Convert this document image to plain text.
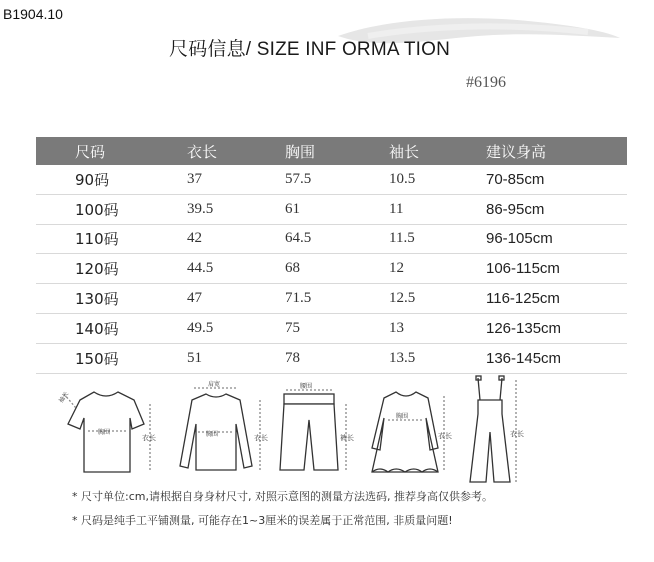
B1904.10
尺码信息/ SIZE INF ORMA TION
#6196
尺码	衣长	胸围	袖长	建议身高
90码	37	57.5	10.5	70-85cm
100码	39.5	61	11	86-95cm
110码	42	64.5	11.5	96-105cm
120码	44.5	68	12	106-115cm
130码	47	71.5	12.5	116-125cm
140码	49.5	75	13	126-135cm
150码	51	78	13.5	136-145cm
胸围
袖长
衣长
肩宽
胸围	衣长
腰围
裤长
胸围
衣长	衣长
* 尺寸单位:cm,请根据自身身材尺寸, 对照示意图的测量方法选码, 推荐身高仅供参考。
* 尺码是纯手工平铺测量, 可能存在1~3厘米的误差属于正常范围, 非质量问题!
